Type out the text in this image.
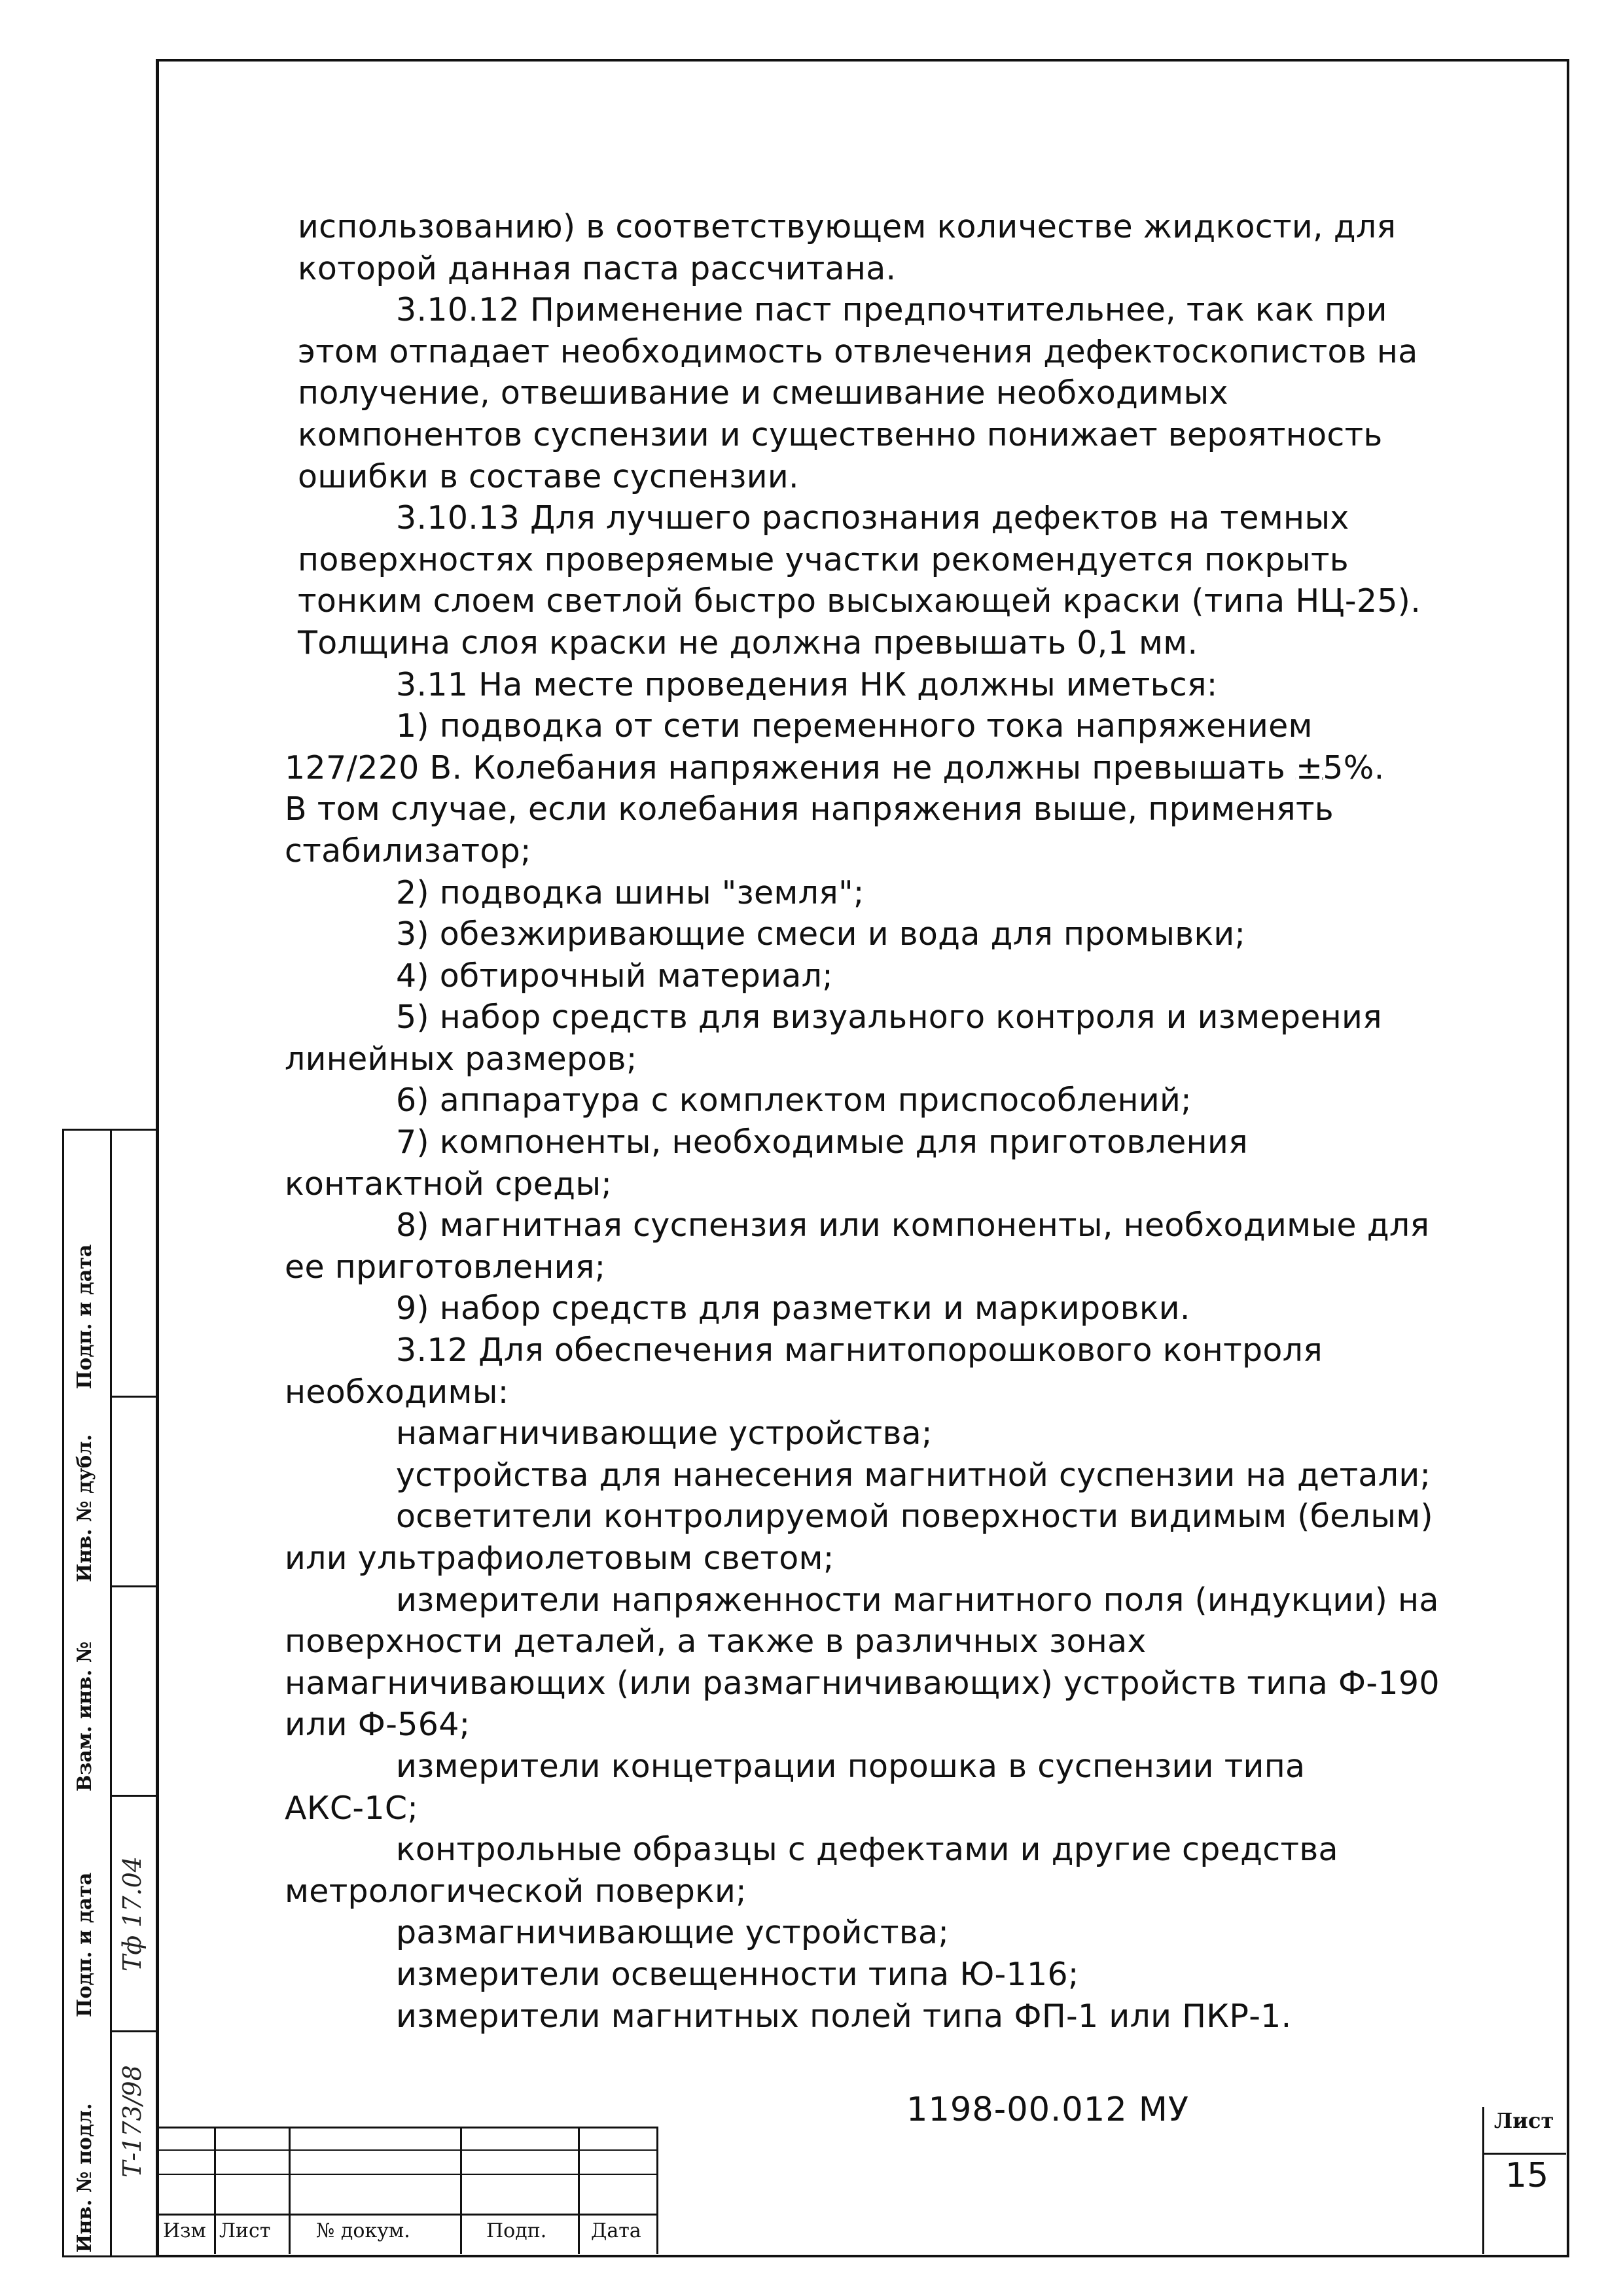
использованию) в соответствующем количестве жидкости, для

которой данная паста рассчитана.

3.10.12 Применение паст предпочтительнее, так как при

этом отпадает необходимость отвлечения дефектоскопистов на

получение, отвешивание и смешивание необходимых

компонентов суспензии и существенно понижает вероятность

ошибки в составе суспензии.

3.10.13 Для лучшего распознания дефектов на темных

поверхностях проверяемые участки рекомендуется покрыть

тонким слоем светлой быстро высыхающей краски (типа НЦ-25).

Толщина слоя краски не должна превышать 0,1 мм.

3.11 На месте проведения НК должны иметься:

1) подводка от сети переменного тока напряжением

127/220 В. Колебания напряжения не должны превышать ±5%.

В том случае, если колебания напряжения выше, применять

стабилизатор;

2) подводка шины "земля";

3) обезжиривающие смеси и вода для промывки;

4) обтирочный материал;

5) набор средств для визуального контроля и измерения

линейных размеров;

6) аппаратура с комплектом приспособлений;

7) компоненты, необходимые для приготовления

контактной среды;

8) магнитная суспензия или компоненты, необходимые для

ее приготовления;

9) набор средств для разметки и маркировки.

3.12 Для обеспечения магнитопорошкового контроля

необходимы:

намагничивающие устройства;

устройства для нанесения магнитной суспензии на детали;

осветители контролируемой поверхности видимым (белым)

или ультрафиолетовым светом;

измерители напряженности магнитного поля (индукции) на

поверхности деталей, а также в различных зонах

намагничивающих (или размагничивающих) устройств типа Ф-190

или Ф-564;

измерители концетрации порошка в суспензии типа

АКС-1С;

контрольные образцы с дефектами и другие средства

метрологической поверки;

размагничивающие устройства;

измерители освещенности типа Ю-116;

измерители магнитных полей типа ФП-1 или ПКР-1.

Инв. № подл.
Подп. и дата
Взам. инв. №
Инв. № дубл.
Подп. и дата
Т-173/98
Тф 17.04
Изм Лист № докум.	Подп. Дата
1198-00.012 МУ	Лист
15
